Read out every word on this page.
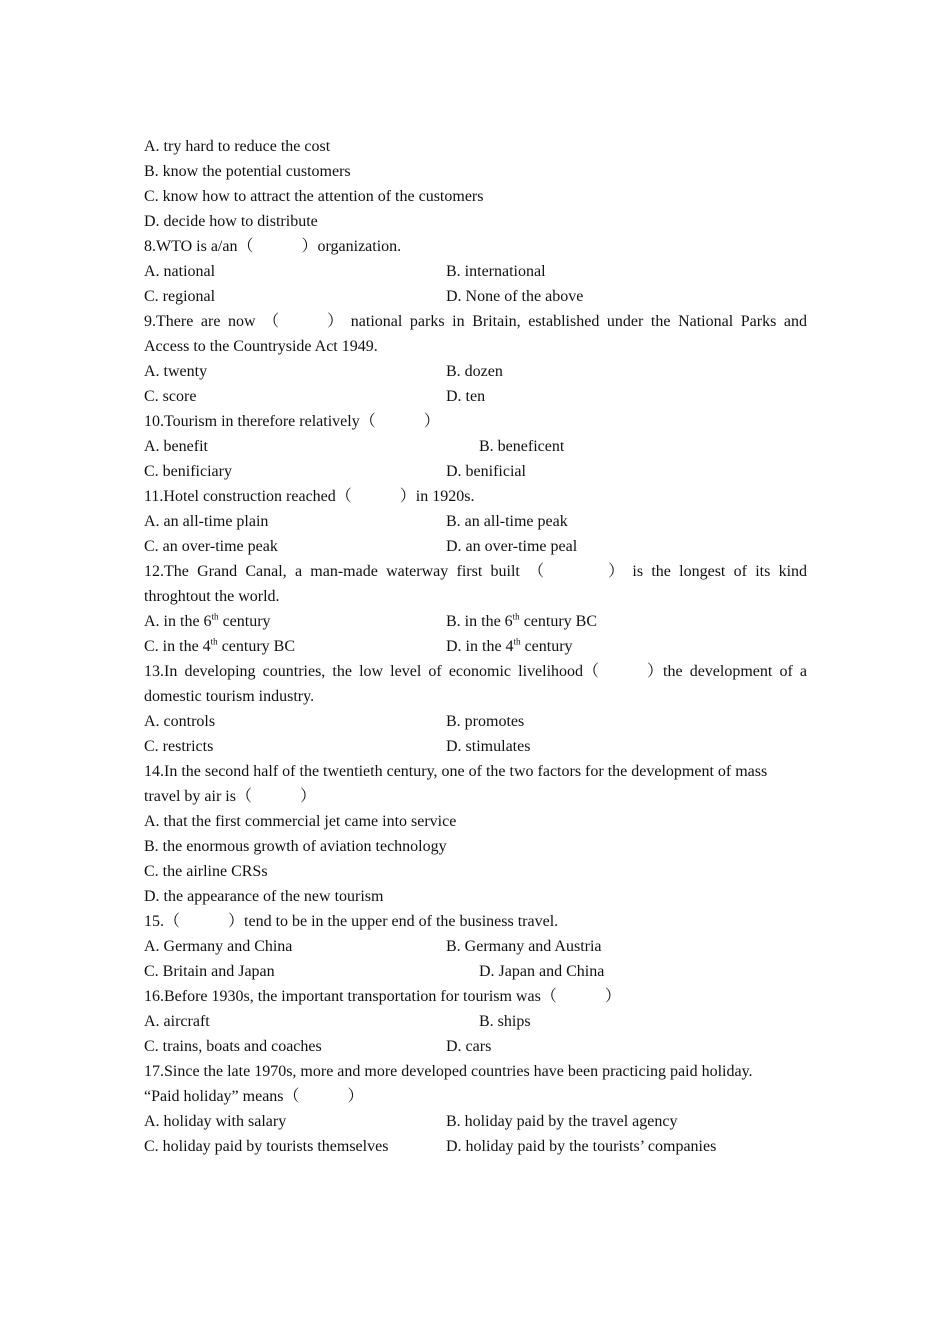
A. try hard to reduce the cost
B. know the potential customers
C. know how to attract the attention of the customers
D. decide how to distribute
8.WTO is a/an（　　　）organization.
A. national	B. international
C. regional	D. None of the above
9.There are now （　　　） national parks in Britain, established under the National Parks and Access to the Countryside Act 1949.
A. twenty	B. dozen
C. score	D. ten
10.Tourism in therefore relatively（　　　）
A. benefit	B. beneficent
C. benificiary	D. benificial
11.Hotel construction reached（　　　）in 1920s.
A. an all-time plain	B. an all-time peak
C. an over-time peak	D. an over-time peal
12.The Grand Canal, a man-made waterway first built （　　　　） is the longest of its kind throghtout the world.
A. in the 6th century	B. in the 6th century BC
C. in the 4th century BC	D. in the 4th century
13.In developing countries, the low level of economic livelihood（　　　）the development of a domestic tourism industry.
A. controls	B. promotes
C. restricts	D. stimulates
14.In the second half of the twentieth century, one of the two factors for the development of mass travel by air is（　　　）
A. that the first commercial jet came into service
B. the enormous growth of aviation technology
C. the airline CRSs
D. the appearance of the new tourism
15.（　　　）tend to be in the upper end of the business travel.
A. Germany and China	B. Germany and Austria
C. Britain and Japan	D. Japan and China
16.Before 1930s, the important transportation for tourism was（　　　）
A. aircraft	B. ships
C. trains, boats and coaches	D. cars
17.Since the late 1970s, more and more developed countries have been practicing paid holiday.
“Paid holiday” means（　　　）
A. holiday with salary	B. holiday paid by the travel agency
C. holiday paid by tourists themselves	D. holiday paid by the tourists’ companies
